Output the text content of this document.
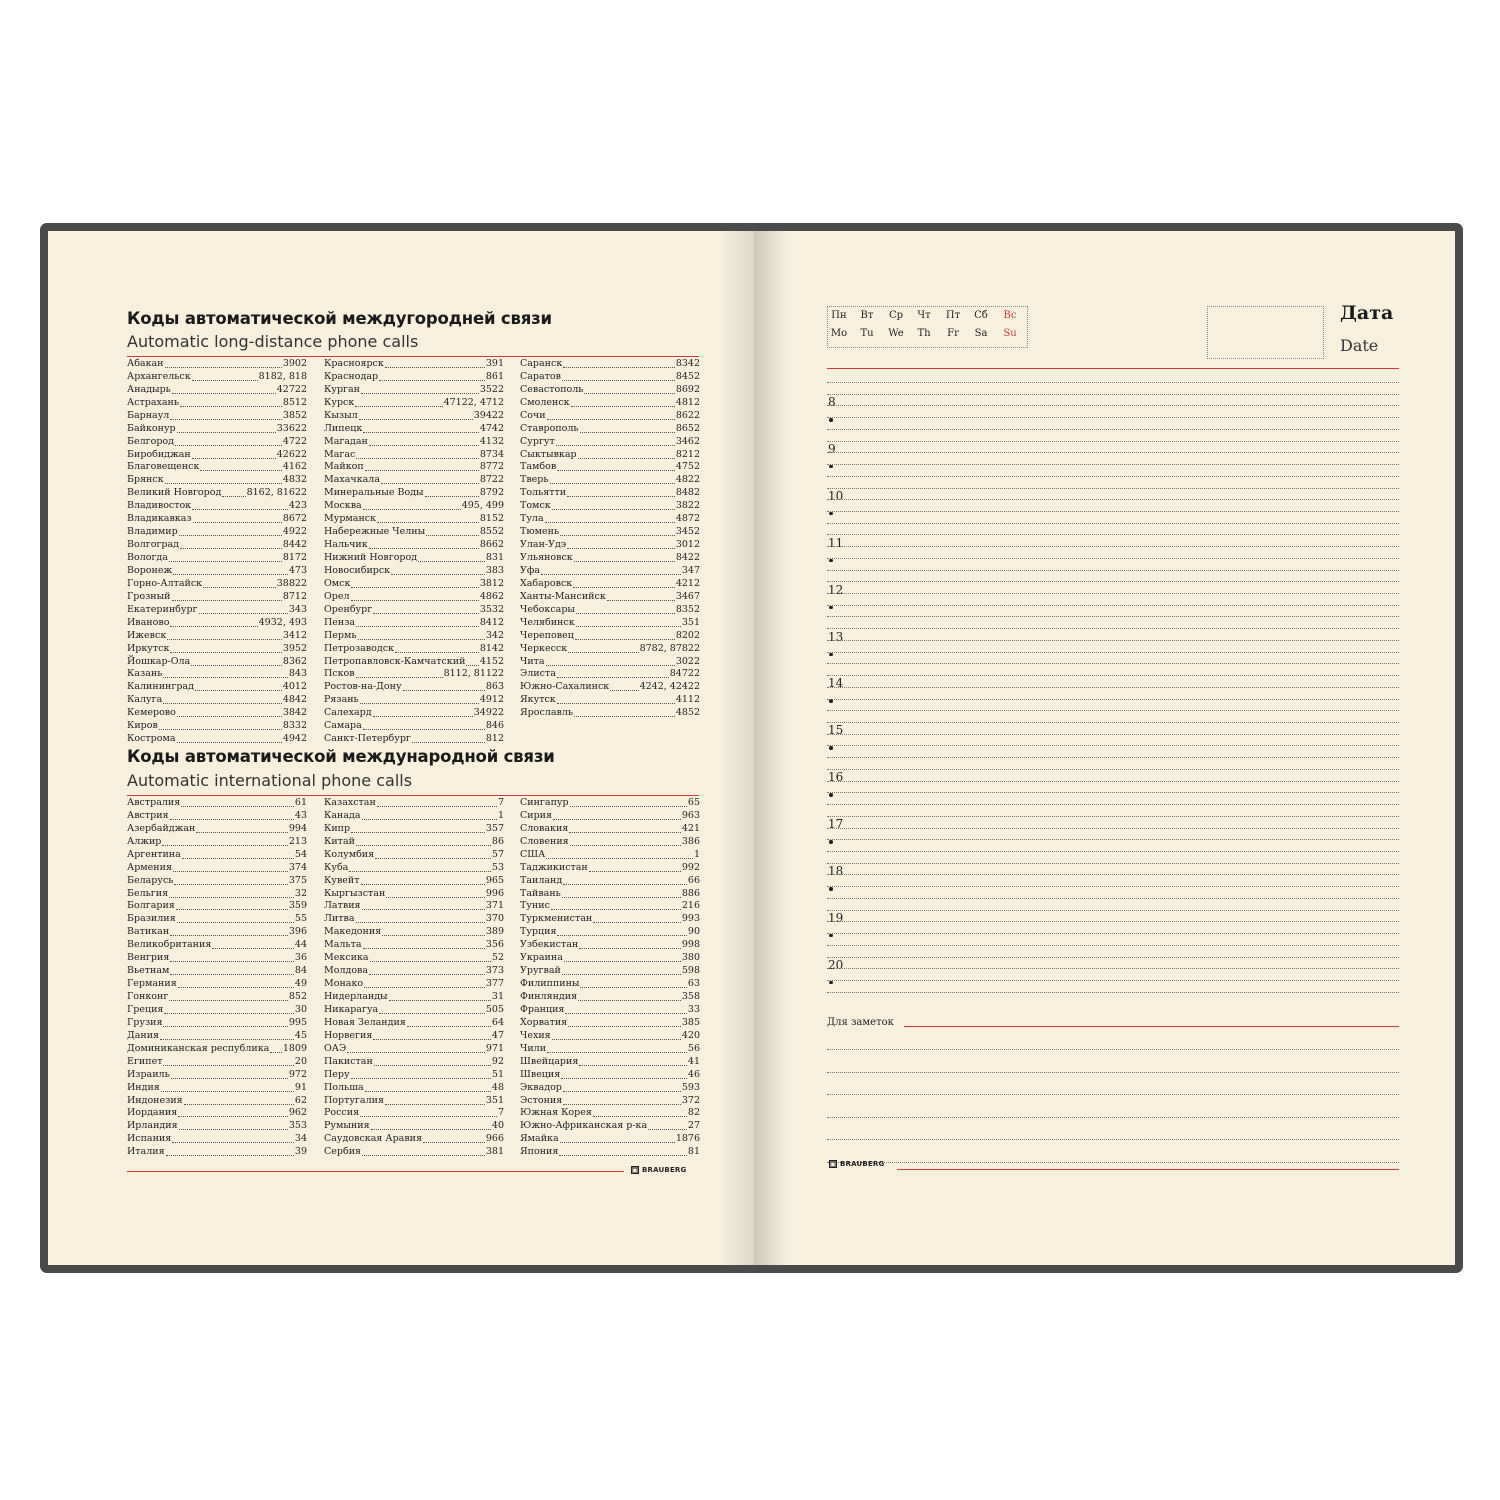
Коды автоматической междугородней связи
Automatic long-distance phone calls
Абакан	3902
Архангельск	8182, 818
Анадырь	42722
Астрахань	8512
Барнаул	3852
Байконур	33622
Белгород	4722
Биробиджан	42622
Благовещенск	4162
Брянск	4832
Великий Новгород	8162, 81622
Владивосток	423
Владикавказ	8672
Владимир	4922
Волгоград	8442
Вологда	8172
Воронеж	473
Горно-Алтайск	38822
Грозный	8712
Екатеринбург	343
Иваново	4932, 493
Ижевск	3412
Иркутск	3952
Йошкар-Ола	8362
Казань	843
Калининград	4012
Калуга	4842
Кемерово	3842
Киров	8332
Кострома	4942
Красноярск	391
Краснодар	861
Курган	3522
Курск	47122, 4712
Кызыл	39422
Липецк	4742
Магадан	4132
Магас	8734
Майкоп	8772
Махачкала	8722
Минеральные Воды	8792
Москва	495, 499
Мурманск	8152
Набережные Челны	8552
Нальчик	8662
Нижний Новгород	831
Новосибирск	383
Омск	3812
Орел	4862
Оренбург	3532
Пенза	8412
Пермь	342
Петрозаводск	8142
Петропавловск-Камчатский 4152
Псков	8112, 81122
Ростов-на-Дону	863
Рязань	4912
Салехард	34922
Самара	846
Санкт-Петербург	812
Саранск	8342
Саратов	8452
Севастополь	8692
Смоленск	4812
Сочи	8622
Ставрополь	8652
Сургут	3462
Сыктывкар	8212
Тамбов	4752
Тверь	4822
Тольятти	8482
Томск	3822
Тула	4872
Тюмень	3452
Улан-Удэ	3012
Ульяновск	8422
Уфа	347
Хабаровск	4212
Ханты-Мансийск	3467
Чебоксары	8352
Челябинск	351
Череповец	8202
Черкесск	8782, 87822
Чита	3022
Элиста	84722
Южно-Сахалинск	4242, 42422
Якутск	4112
Ярославль	4852
Коды автоматической международной связи
Automatic international phone calls
Австралия	61
Австрия	43
Азербайджан	994
Алжир	213
Аргентина	54
Армения	374
Беларусь	375
Бельгия	32
Болгария	359
Бразилия	55
Ватикан	396
Великобритания	44
Венгрия	36
Вьетнам	84
Германия	49
Гонконг	852
Греция	30
Грузия	995
Дания	45
Доминиканская республика 1809
Египет	20
Израиль	972
Индия	91
Индонезия	62
Иордания	962
Ирландия	353
Испания	34
Италия	39
Казахстан	7
Канада	1
Кипр	357
Китай	86
Колумбия	57
Куба	53
Кувейт	965
Кыргызстан	996
Латвия	371
Литва	370
Македония	389
Мальта	356
Мексика	52
Молдова	373
Монако	377
Нидерланды	31
Никарагуа	505
Новая Зеландия	64
Норвегия	47
ОАЭ	971
Пакистан	92
Перу	51
Польша	48
Португалия	351
Россия	7
Румыния	40
Саудовская Аравия	966
Сербия	381
Сингапур	65
Сирия	963
Словакия	421
Словения	386
США	1
Таджикистан	992
Таиланд	66
Тайвань	886
Тунис	216
Туркменистан	993
Турция	90
Узбекистан	998
Украина	380
Уругвай	598
Филиппины	63
Финляндия	358
Франция	33
Хорватия	385
Чехия	420
Чили	56
Швейцария	41
Швеция	46
Эквадор	593
Эстония	372
Южная Корея	82
Южно-Африканская р-ка	27
Ямайка	1876
Япония	81
▣ BRAUBERG
Пн	Вт	Ср	Чт	Пт	Сб	Вс
Mo	Tu	We	Th	Fr	Sa	Su
Дата
Date
8
9
10
11
12
13
14
15
16
17
18
19
20
Для заметок
▣ BRAUBERG
